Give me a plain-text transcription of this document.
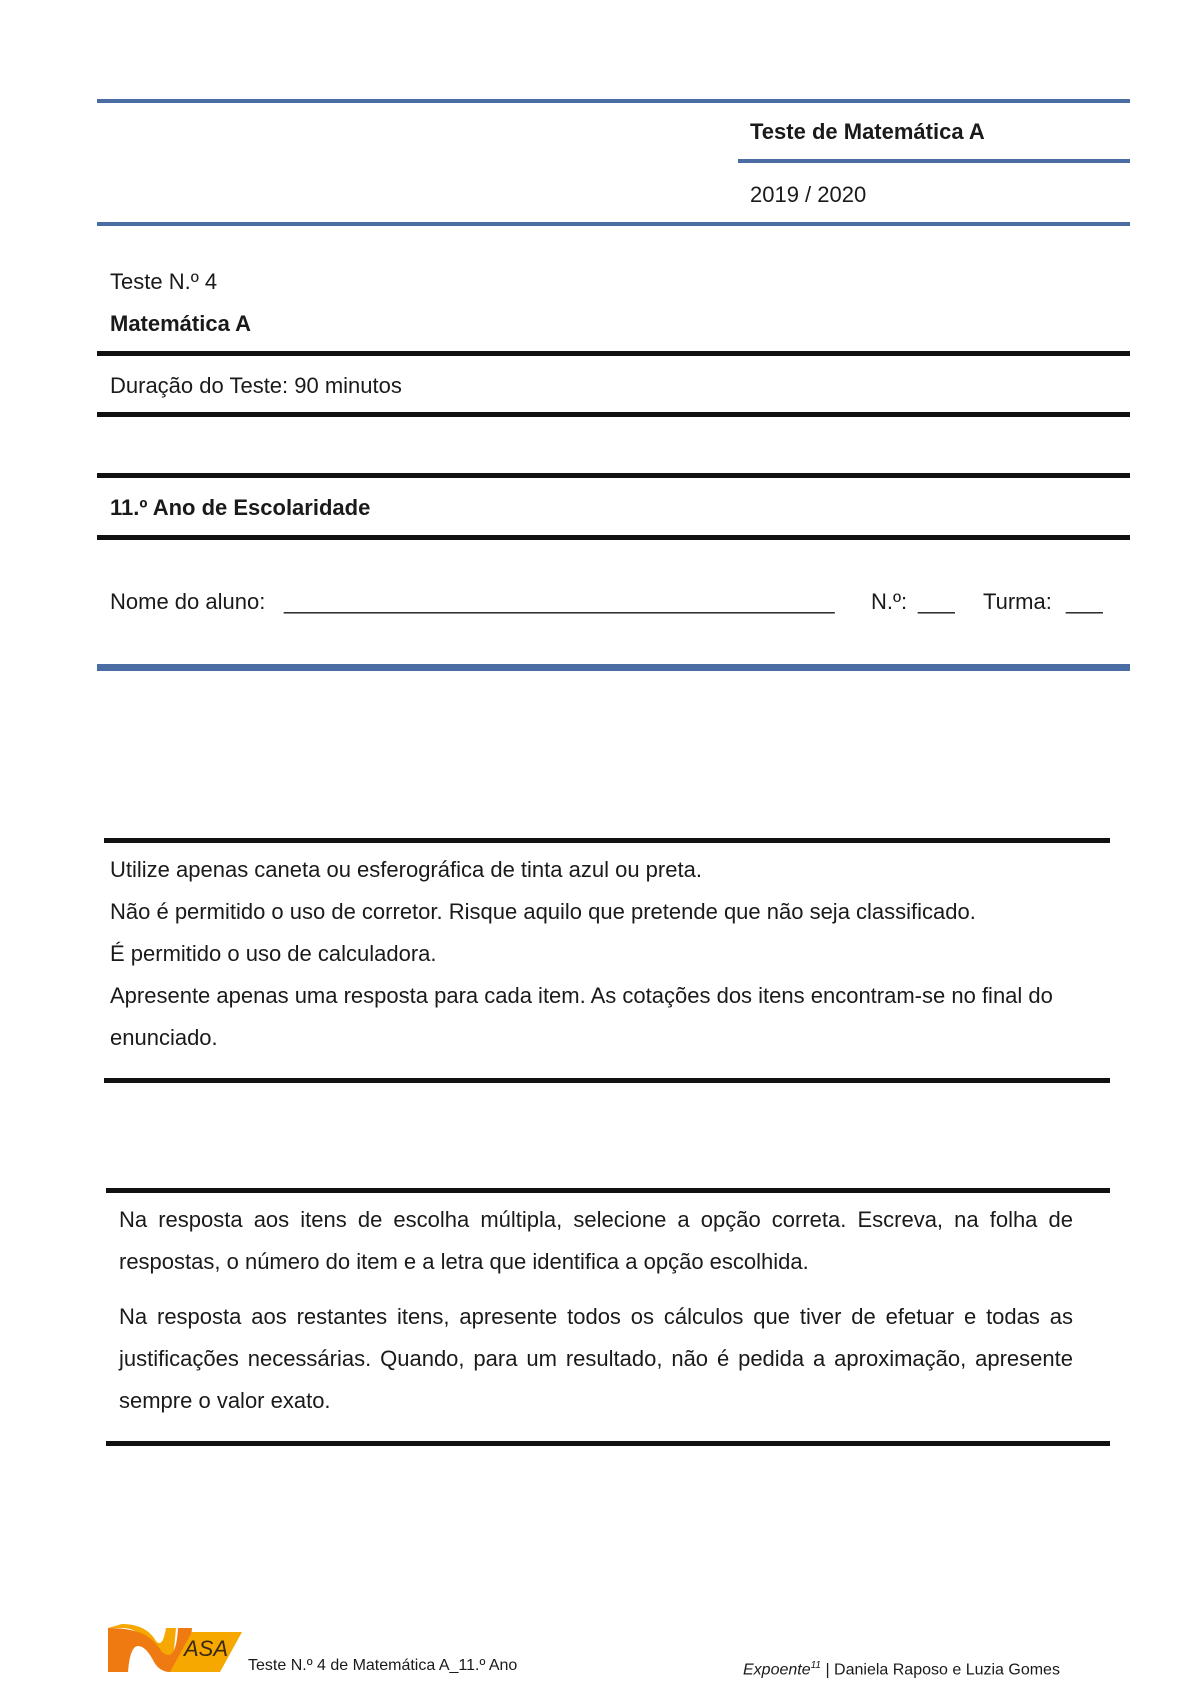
Teste de Matemática A
2019 / 2020
Teste N.º 4
Matemática A
Duração do Teste: 90 minutos
11.º Ano de Escolaridade
Nome do aluno: _____________________________________________ N.º: ___ Turma: ___

Utilize apenas caneta ou esferográfica de tinta azul ou preta.

Não é permitido o uso de corretor. Risque aquilo que pretende que não seja classificado.

É permitido o uso de calculadora.

Apresente apenas uma resposta para cada item. As cotações dos itens encontram-se no final do enunciado.

Na resposta aos itens de escolha múltipla, selecione a opção correta. Escreva, na folha de respostas, o número do item e a letra que identifica a opção escolhida.
Na resposta aos restantes itens, apresente todos os cálculos que tiver de efetuar e todas as justificações necessárias. Quando, para um resultado, não é pedida a aproximação, apresente sempre o valor exato.
ASA
Teste N.º 4 de Matemática A_11.º Ano	Expoente$^{11}$ | Daniela Raposo e Luzia Gomes
